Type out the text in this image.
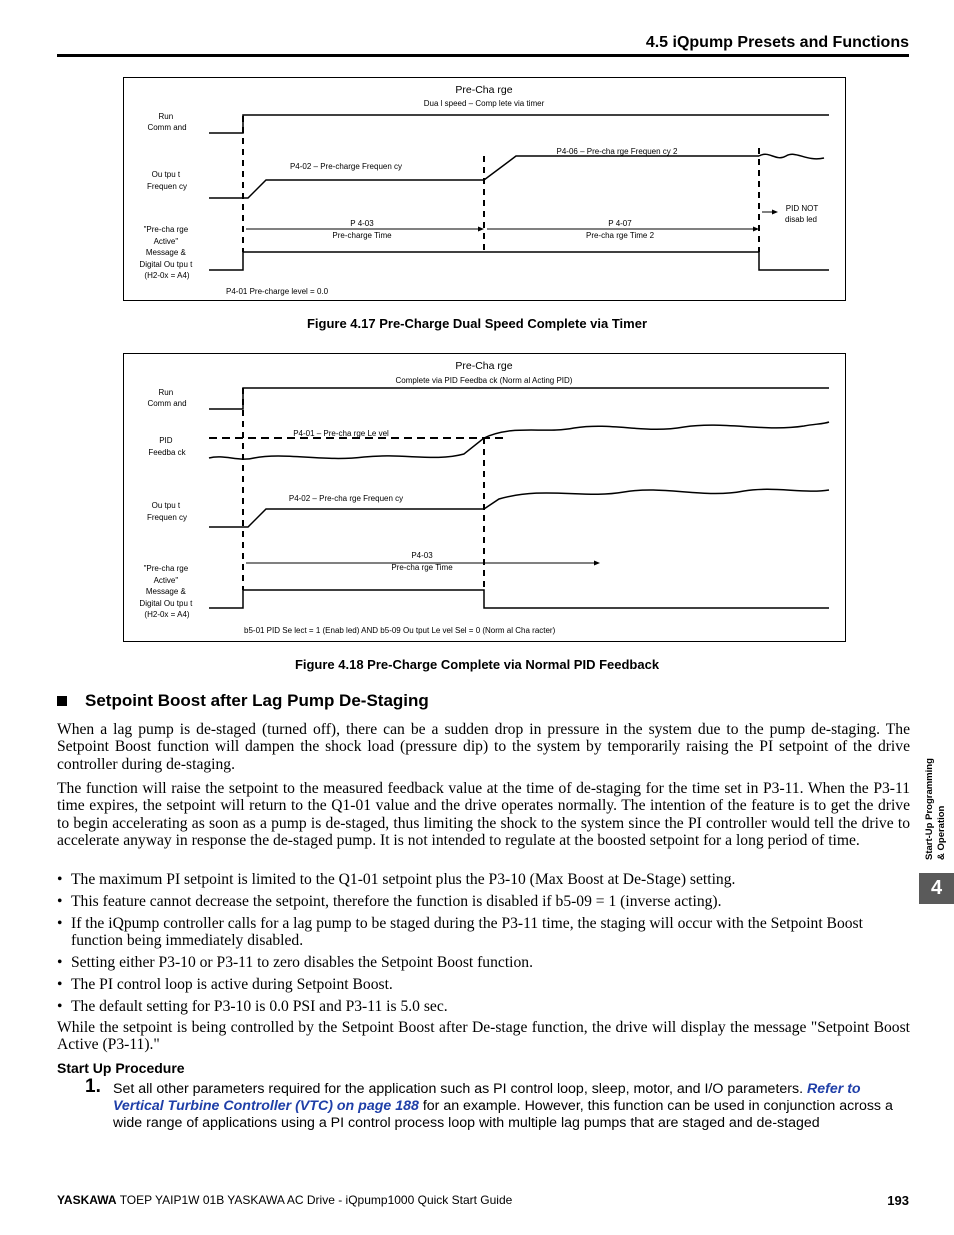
4.5 iQpump Presets and Functions
Pre-Cha rge
Dua l speed – Comp lete via timer
Run Comm and
Ou tpu t Frequen cy
"Pre-cha rge Active" Message & Digital Ou tpu t (H2-0x = A4)
P4-02 – Pre-charge Frequen cy
P4-06 – Pre-cha rge Frequen cy 2
P 4-03
Pre-charge Time
P 4-07
Pre-cha rge Time 2
PID NOT
disab led
P4-01 Pre-charge level = 0.0
Figure 4.17 Pre-Charge Dual Speed Complete via Timer
Pre-Cha rge
Complete via PID Feedba ck (Norm al Acting PID)
Run Comm and
PID Feedba ck
Ou tpu t Frequen cy
"Pre-cha rge Active" Message & Digital Ou tpu t (H2-0x = A4)
P4-01 – Pre-cha rge Le vel
P4-02 – Pre-cha rge Frequen cy
P4-03
Pre-cha rge Time
b5-01 PID Se lect = 1 (Enab led) AND b5-09 Ou tput Le vel Sel = 0 (Norm al Cha racter)
Figure 4.18 Pre-Charge Complete via Normal PID Feedback
Setpoint Boost after Lag Pump De-Staging
When a lag pump is de-staged (turned off), there can be a sudden drop in pressure in the system due to the pump de-staging. The Setpoint Boost function will dampen the shock load (pressure dip) to the system by temporarily raising the PI setpoint of the drive controller during de-staging.
The function will raise the setpoint to the measured feedback value at the time of de-staging for the time set in P3-11. When the P3-11 time expires, the setpoint will return to the Q1-01 value and the drive operates normally. The intention of the feature is to get the drive to begin accelerating as soon as a pump is de-staged, thus limiting the shock to the system since the PI controller would tell the drive to accelerate anyway in response the de-staged pump. It is not intended to regulate at the boosted setpoint for a long period of time.
• The maximum PI setpoint is limited to the Q1-01 setpoint plus the P3-10 (Max Boost at De-Stage) setting.
• This feature cannot decrease the setpoint, therefore the function is disabled if b5-09 = 1 (inverse acting).
• If the iQpump controller calls for a lag pump to be staged during the P3-11 time, the staging will occur with the Setpoint Boost function being immediately disabled.
• Setting either P3-10 or P3-11 to zero disables the Setpoint Boost function.
• The PI control loop is active during Setpoint Boost.
• The default setting for P3-10 is 0.0 PSI and P3-11 is 5.0 sec.
While the setpoint is being controlled by the Setpoint Boost after De-stage function, the drive will display the message "Setpoint Boost Active (P3-11)."
Start Up Procedure
1. Set all other parameters required for the application such as PI control loop, sleep, motor, and I/O parameters. Refer to Vertical Turbine Controller (VTC) on page 188 for an example. However, this function can be used in conjunction across a wide range of applications using a PI control process loop with multiple lag pumps that are staged and de-staged
Start-Up Programming & Operation
4
YASKAWA TOEP YAIP1W 01B YASKAWA AC Drive - iQpump1000 Quick Start Guide	193
